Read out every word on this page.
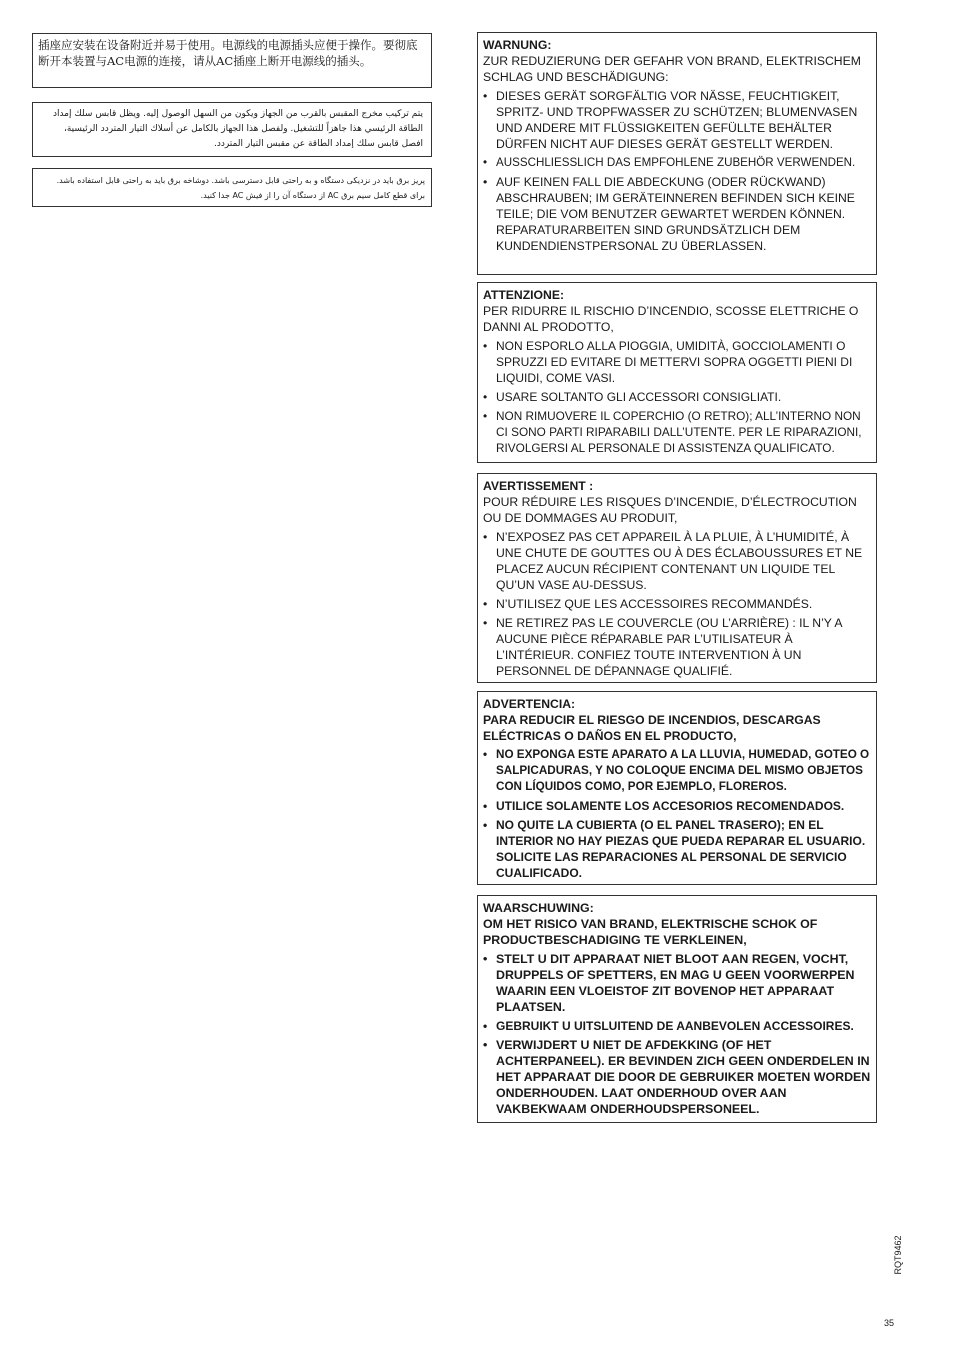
插座应安装在设备附近并易于使用。电源线的电源插头应便于操作。要彻底断开本装置与AC电源的连接，请从AC插座上断开电源线的插头。
يتم تركيب مخرج المقبس بالقرب من الجهاز ويكون من السهل الوصول إليه. ويظل قابس سلك إمداد الطاقة الرئيسي هذا جاهزاً للتشغيل. ولفصل هذا الجهاز بالكامل عن أسلاك التيار المتردد الرئيسية، افصل قابس سلك إمداد الطاقة عن مقبس التيار المتردد.
پریز برق باید در نزدیکی دستگاه و به راحتی قابل دسترسی باشد. دوشاخه برق باید به راحتی قابل استفاده باشد. برای قطع کامل سیم برق AC از دستگاه آن را از فیش AC جدا کنید.
WARNUNG:
ZUR REDUZIERUNG DER GEFAHR VON BRAND, ELEKTRISCHEM SCHLAG UND BESCHÄDIGUNG:
• DIESES GERÄT SORGFÄLTIG VOR NÄSSE, FEUCHTIGKEIT, SPRITZ- UND TROPFWASSER ZU SCHÜTZEN; BLUMENVASEN UND ANDERE MIT FLÜSSIGKEITEN GEFÜLLTE BEHÄLTER DÜRFEN NICHT AUF DIESES GERÄT GESTELLT WERDEN.
• AUSSCHLIESSLICH DAS EMPFOHLENE ZUBEHÖR VERWENDEN.
• AUF KEINEN FALL DIE ABDECKUNG (ODER RÜCKWAND) ABSCHRAUBEN; IM GERÄTEINNEREN BEFINDEN SICH KEINE TEILE; DIE VOM BENUTZER GEWARTET WERDEN KÖNNEN. REPARATURARBEITEN SIND GRUNDSÄTZLICH DEM KUNDENDIENSTPERSONAL ZU ÜBERLASSEN.
ATTENZIONE:
PER RIDURRE IL RISCHIO D’INCENDIO, SCOSSE ELETTRICHE O DANNI AL PRODOTTO,
• NON ESPORLO ALLA PIOGGIA, UMIDITÀ, GOCCIOLAMENTI O SPRUZZI ED EVITARE DI METTERVI SOPRA OGGETTI PIENI DI LIQUIDI, COME VASI.
• USARE SOLTANTO GLI ACCESSORI CONSIGLIATI.
• NON RIMUOVERE IL COPERCHIO (O RETRO); ALL’INTERNO NON CI SONO PARTI RIPARABILI DALL’UTENTE. PER LE RIPARAZIONI, RIVOLGERSI AL PERSONALE DI ASSISTENZA QUALIFICATO.
AVERTISSEMENT :
POUR RÉDUIRE LES RISQUES D’INCENDIE, D’ÉLECTROCUTION OU DE DOMMAGES AU PRODUIT,
• N’EXPOSEZ PAS CET APPAREIL À LA PLUIE, À L’HUMIDITÉ, À UNE CHUTE DE GOUTTES OU À DES ÉCLABOUSSURES ET NE PLACEZ AUCUN RÉCIPIENT CONTENANT UN LIQUIDE TEL QU’UN VASE AU-DESSUS.
• N’UTILISEZ QUE LES ACCESSOIRES RECOMMANDÉS.
• NE RETIREZ PAS LE COUVERCLE (OU L’ARRIÈRE) : IL N’Y A AUCUNE PIÈCE RÉPARABLE PAR L’UTILISATEUR À L’INTÉRIEUR. CONFIEZ TOUTE INTERVENTION À UN PERSONNEL DE DÉPANNAGE QUALIFIÉ.
ADVERTENCIA:
PARA REDUCIR EL RIESGO DE INCENDIOS, DESCARGAS ELÉCTRICAS O DAÑOS EN EL PRODUCTO,
• NO EXPONGA ESTE APARATO A LA LLUVIA, HUMEDAD, GOTEO O SALPICADURAS, Y NO COLOQUE ENCIMA DEL MISMO OBJETOS CON LÍQUIDOS COMO, POR EJEMPLO, FLOREROS.
• UTILICE SOLAMENTE LOS ACCESORIOS RECOMENDADOS.
• NO QUITE LA CUBIERTA (O EL PANEL TRASERO); EN EL INTERIOR NO HAY PIEZAS QUE PUEDA REPARAR EL USUARIO. SOLICITE LAS REPARACIONES AL PERSONAL DE SERVICIO CUALIFICADO.
WAARSCHUWING:
OM HET RISICO VAN BRAND, ELEKTRISCHE SCHOK OF PRODUCTBESCHADIGING TE VERKLEINEN,
• STELT U DIT APPARAAT NIET BLOOT AAN REGEN, VOCHT, DRUPPELS OF SPETTERS, EN MAG U GEEN VOORWERPEN WAARIN EEN VLOEISTOF ZIT BOVENOP HET APPARAAT PLAATSEN.
• GEBRUIKT U UITSLUITEND DE AANBEVOLEN ACCESSOIRES.
• VERWIJDERT U NIET DE AFDEKKING (OF HET ACHTERPANEEL). ER BEVINDEN ZICH GEEN ONDERDELEN IN HET APPARAAT DIE DOOR DE GEBRUIKER MOETEN WORDEN ONDERHOUDEN. LAAT ONDERHOUD OVER AAN VAKBEKWAAM ONDERHOUDSPERSONEEL.
RQT9462
35
